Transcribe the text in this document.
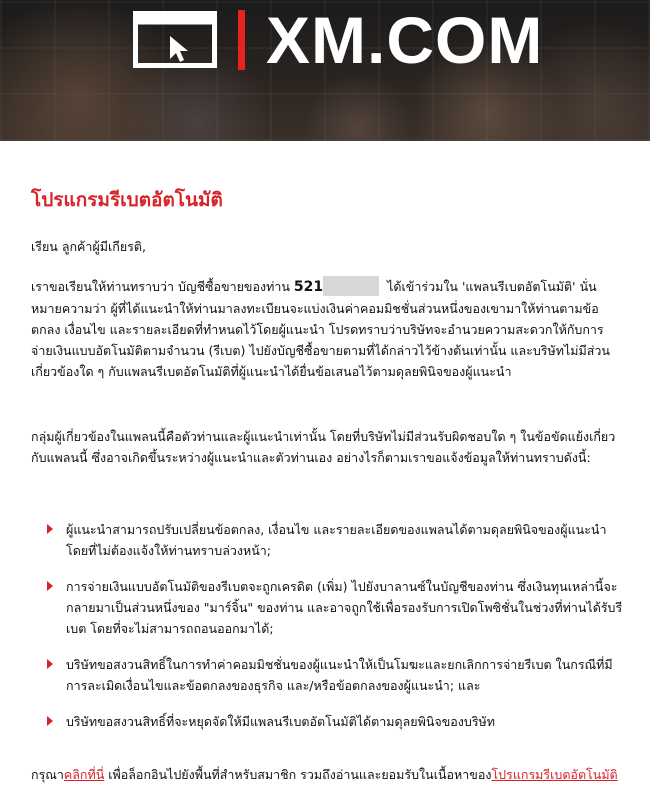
XM.COM
โปรแกรมรีเบตอัตโนมัติ
เรียน ลูกค้าผู้มีเกียรติ,
เราขอเรียนให้ท่านทราบว่า บัญชีซื้อขายของท่าน 521	ได้เข้าร่วมใน 'แพลนรีเบตอัตโนมัติ' นั่นหมายความว่า ผู้ที่ได้แนะนำให้ท่านมาลงทะเบียนจะแบ่งเงินค่าคอมมิชชั่นส่วนหนึ่งของเขามาให้ท่านตามข้อตกลง เงื่อนไข และรายละเอียดที่ทำหนดไว้โดยผู้แนะนำ โปรดทราบว่าบริษัทจะอำนวยความสะดวกให้กับการจ่ายเงินแบบอัตโนมัติตามจำนวน (รีเบต) ไปยังบัญชีซื้อขายตามที่ได้กล่าวไว้ข้างต้นเท่านั้น และบริษัทไม่มีส่วนเกี่ยวข้องใด ๆ กับแพลนรีเบตอัตโนมัติที่ผู้แนะนำได้ยื่นข้อเสนอไว้ตามดุลยพินิจของผู้แนะนำ
กลุ่มผู้เกี่ยวข้องในแพลนนี้คือตัวท่านและผู้แนะนำเท่านั้น โดยที่บริษัทไม่มีส่วนรับผิดชอบใด ๆ ในข้อขัดแย้งเกี่ยวกับแพลนนี้ ซึ่งอาจเกิดขึ้นระหว่างผู้แนะนำและตัวท่านเอง อย่างไรก็ตามเราขอแจ้งข้อมูลให้ท่านทราบดังนี้:
ผู้แนะนำสามารถปรับเปลี่ยนข้อตกลง, เงื่อนไข และรายละเอียดของแพลนได้ตามดุลยพินิจของผู้แนะนำ โดยที่ไม่ต้องแจ้งให้ท่านทราบล่วงหน้า;
การจ่ายเงินแบบอัตโนมัติของรีเบตจะถูกเครดิต (เพิ่ม) ไปยังบาลานซ์ในบัญชีของท่าน ซึ่งเงินทุนเหล่านี้จะกลายมาเป็นส่วนหนึ่งของ "มาร์จิ้น" ของท่าน และอาจถูกใช้เพื่อรองรับการเปิดโพซิชั่นในช่วงที่ท่านได้รับรีเบต โดยที่จะไม่สามารถถอนออกมาได้;
บริษัทขอสงวนสิทธิ์ในการทำค่าคอมมิชชั่นของผู้แนะนำให้เป็นโมฆะและยกเลิกการจ่ายรีเบต ในกรณีที่มีการละเมิดเงื่อนไขและข้อตกลงของธุรกิจ และ/หรือข้อตกลงของผู้แนะนำ; และ
บริษัทขอสงวนสิทธิ์ที่จะหยุดจัดให้มีแพลนรีเบตอัตโนมัติได้ตามดุลยพินิจของบริษัท
กรุณาคลิกที่นี่ เพื่อล็อกอินไปยังพื้นที่สำหรับสมาชิก รวมถึงอ่านและยอมรับในเนื้อหาของโปรแกรมรีเบตอัตโนมัติ
